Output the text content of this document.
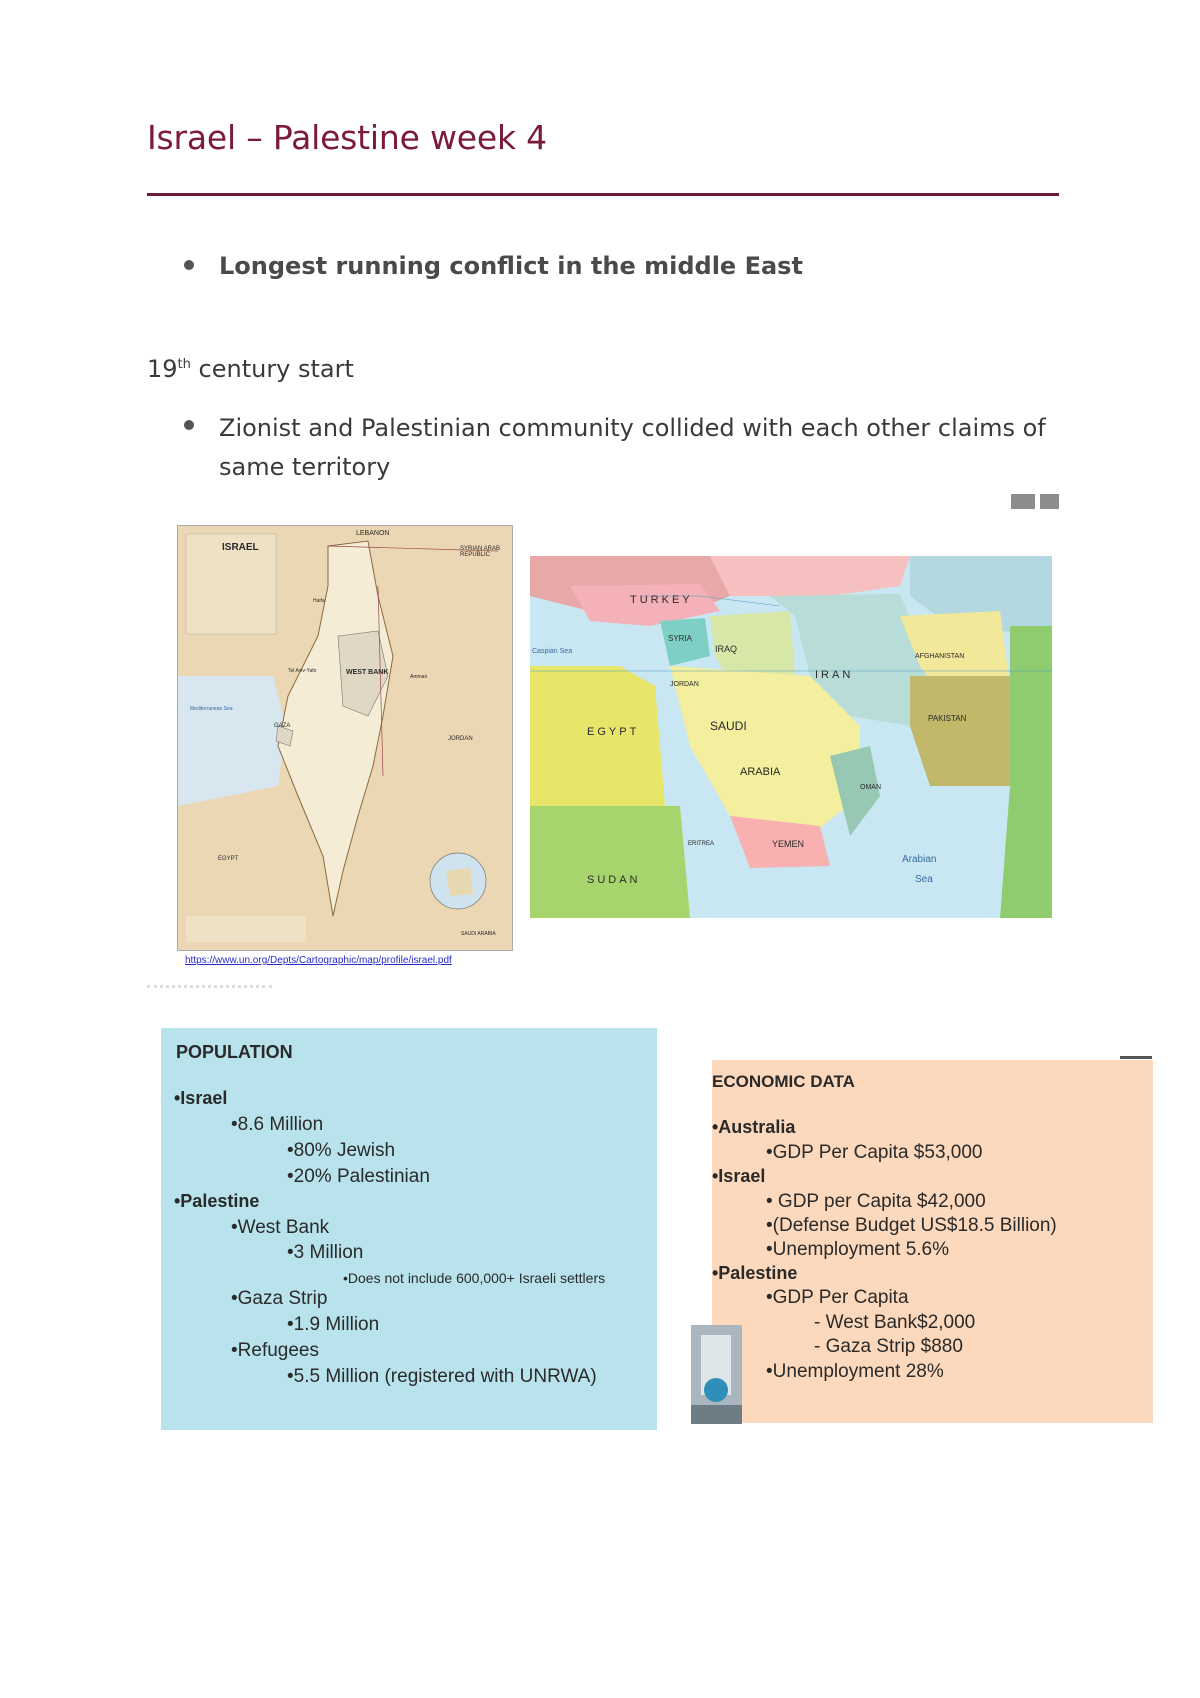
Israel – Palestine week 4
Longest running conflict in the middle East
19th century start
Zionist and Palestinian community collided with each other claims of same territory
ISRAEL
LEBANON
SYRIAN ARAB REPUBLIC
WEST BANK
JORDAN
EGYPT
GAZA
Tel Aviv-Yafo
Haifa
Amman
SAUDI ARABIA
Mediterranean Sea
https://www.un.org/Depts/Cartographic/map/profile/israel.pdf
TURKEY
SYRIA
IRAQ
IRAN
AFGHANISTAN
PAKISTAN
SAUDI
ARABIA
EGYPT
SUDAN
YEMEN
OMAN
JORDAN
Arabian
Sea
Caspian Sea
ERITREA
POPULATION
•Israel
•8.6 Million
•80% Jewish
•20% Palestinian
•Palestine
•West Bank
•3 Million
•Does not include 600,000+ Israeli settlers
•Gaza Strip
•1.9 Million
•Refugees
•5.5 Million (registered with UNRWA)
ECONOMIC DATA
•Australia
•GDP Per Capita $53,000
•Israel
• GDP per Capita $42,000
•(Defense Budget US$18.5 Billion)
•Unemployment 5.6%
•Palestine
•GDP Per Capita
- West Bank$2,000
- Gaza Strip $880
•Unemployment 28%
